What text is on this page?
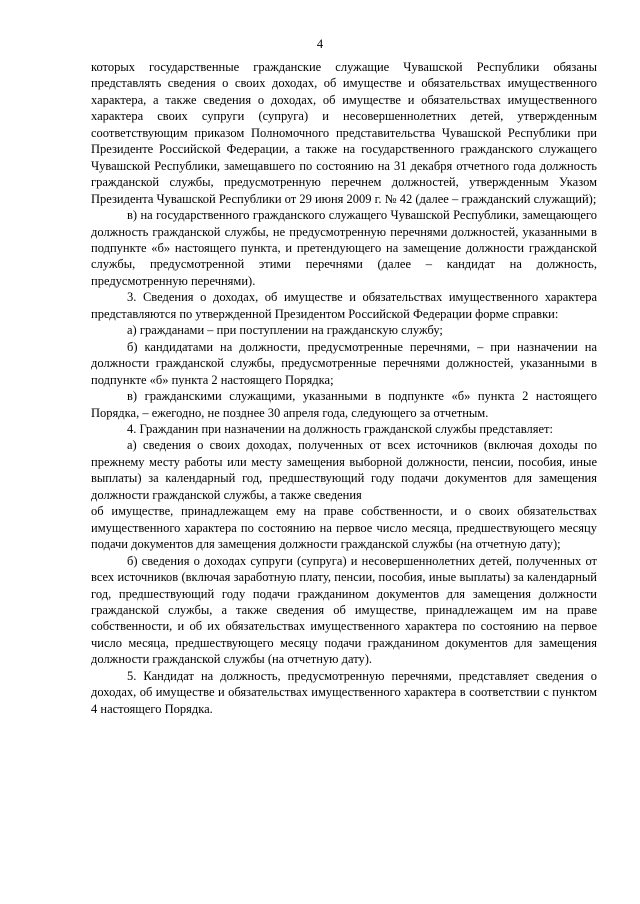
4

которых государственные гражданские служащие Чувашской Республики обязаны представлять сведения о своих доходах, об имуществе и обязательствах имущественного характера, а также сведения о доходах, об имуществе и обязательствах имущественного характера своих супруги (супруга) и несовершеннолетних детей, утвержденным соответствующим приказом Полномочного представительства Чувашской Республики при Президенте Российской Федерации, а также на государственного гражданского служащего Чувашской Республики, замещавшего по состоянию на 31 декабря отчетного года должность гражданской службы, предусмотренную перечнем должностей, утвержденным Указом Президента Чувашской Республики от 29 июня 2009 г. № 42 (далее – гражданский служащий);

в) на государственного гражданского служащего Чувашской Республики, замещающего должность гражданской службы, не предусмотренную перечнями должностей, указанными в подпункте «б» настоящего пункта, и претендующего на замещение должности гражданской службы, предусмотренной этими перечнями (далее – кандидат на должность, предусмотренную перечнями).

3. Сведения о доходах, об имуществе и обязательствах имущественного характера представляются по утвержденной Президентом Российской Федерации форме справки:

а) гражданами – при поступлении на гражданскую службу;

б) кандидатами на должности, предусмотренные перечнями, – при назначении на должности гражданской службы, предусмотренные перечнями должностей, указанными в подпункте «б» пункта 2 настоящего Порядка;

в) гражданскими служащими, указанными в подпункте «б» пункта 2 настоящего Порядка, – ежегодно, не позднее 30 апреля года, следующего за отчетным.

4. Гражданин при назначении на должность гражданской службы представляет:

а) сведения о своих доходах, полученных от всех источников (включая доходы по прежнему месту работы или месту замещения выборной должности, пенсии, пособия, иные выплаты) за календарный год, предшествующий году подачи документов для замещения должности гражданской службы, а также сведения

об имуществе, принадлежащем ему на праве собственности, и о своих обязательствах имущественного характера по состоянию на первое число месяца, предшествующего месяцу подачи документов для замещения должности гражданской службы (на отчетную дату);

б) сведения о доходах супруги (супруга) и несовершеннолетних детей, полученных от всех источников (включая заработную плату, пенсии, пособия, иные выплаты) за календарный год, предшествующий году подачи гражданином документов для замещения должности гражданской службы, а также сведения об имуществе, принадлежащем им на праве собственности, и об их обязательствах имущественного характера по состоянию на первое число месяца, предшествующего месяцу подачи гражданином документов для замещения должности гражданской службы (на отчетную дату).

5. Кандидат на должность, предусмотренную перечнями, представляет сведения о доходах, об имуществе и обязательствах имущественного характера в соответствии с пунктом 4 настоящего Порядка.
